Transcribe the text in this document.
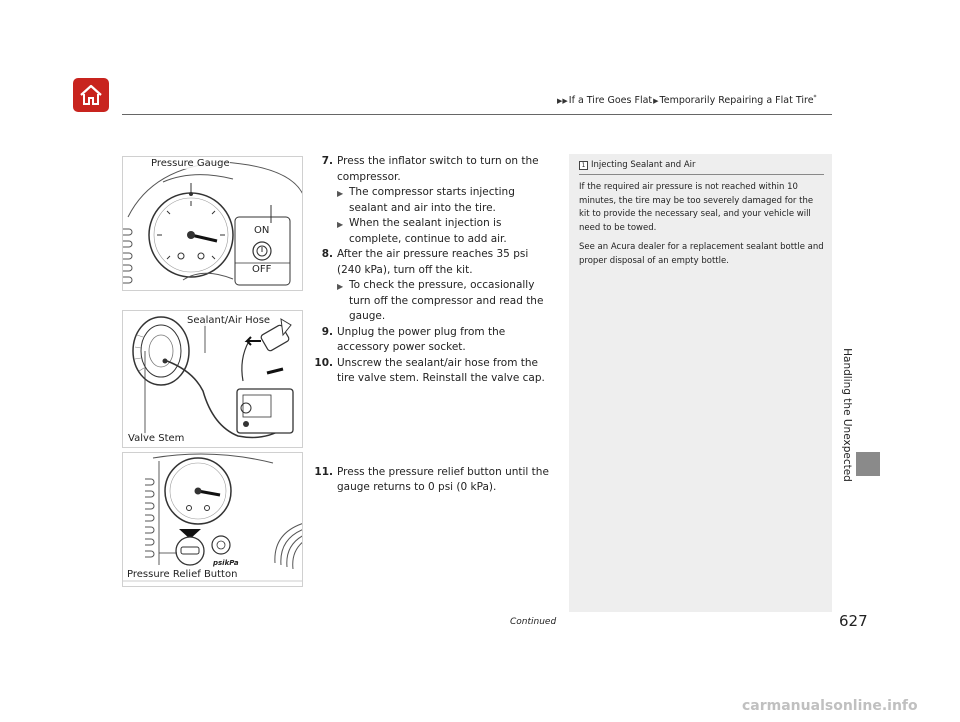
▶▶If a Tire Goes Flat▶Temporarily Repairing a Flat Tire*
Handling the Unexpected
Pressure Gauge
ON
OFF
Sealant/Air Hose
Valve Stem
psikPa
Pressure Relief Button
7. Press the inflator switch to turn on the compressor.
▶ The compressor starts injecting sealant and air into the tire.
▶ When the sealant injection is complete, continue to add air.
8. After the air pressure reaches 35 psi (240 kPa), turn off the kit.
▶ To check the pressure, occasionally turn off the compressor and read the gauge.
9. Unplug the power plug from the accessory power socket.
10. Unscrew the sealant/air hose from the tire valve stem. Reinstall the valve cap.
11. Press the pressure relief button until the gauge returns to 0 psi (0 kPa).
1 Injecting Sealant and Air

If the required air pressure is not reached within 10 minutes, the tire may be too severely damaged for the kit to provide the necessary seal, and your vehicle will need to be towed.

See an Acura dealer for a replacement sealant bottle and proper disposal of an empty bottle.

Continued	627
carmanualsonline.info
